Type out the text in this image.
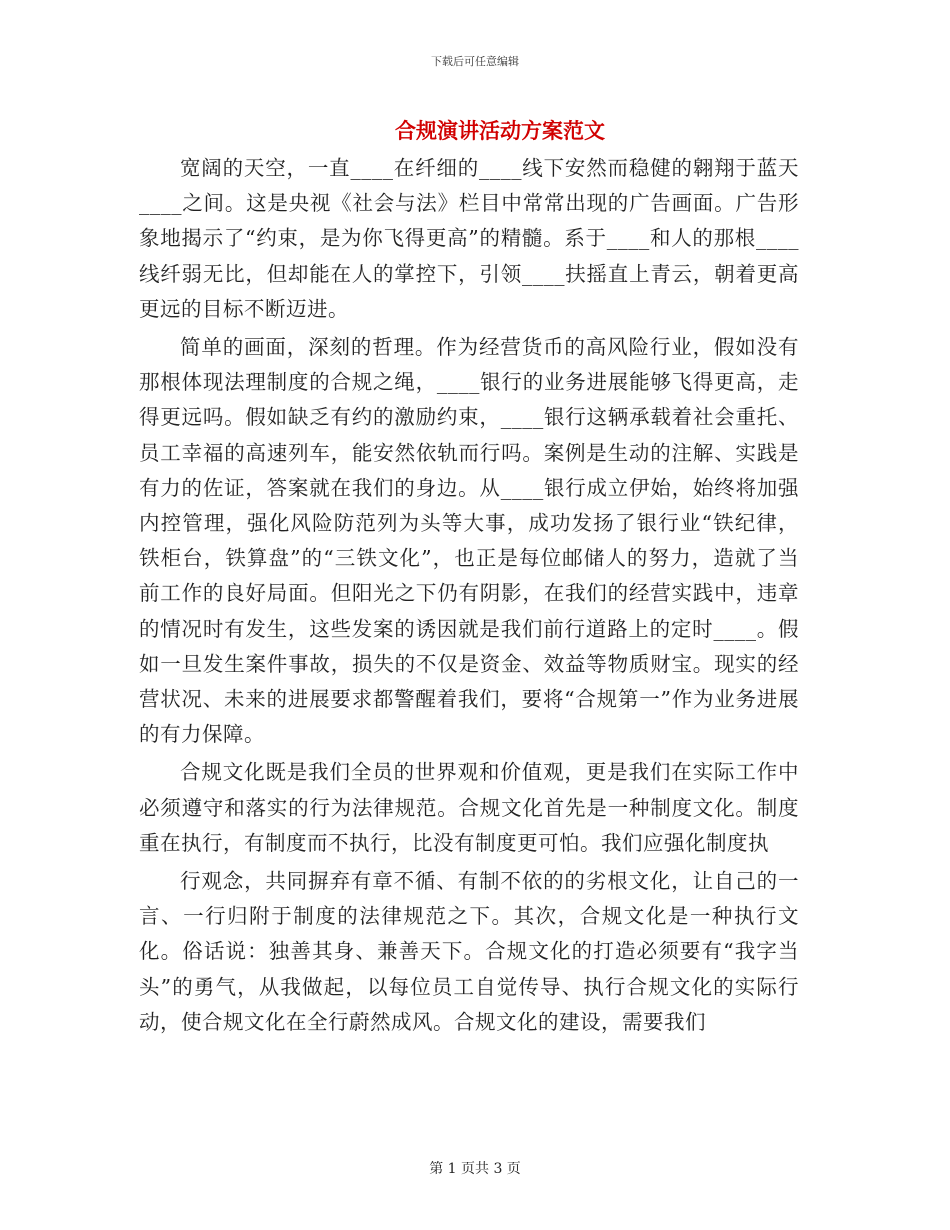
下载后可任意编辑
合规演讲活动方案范文

宽阔的天空，一直____在纤细的____线下安然而稳健的翱翔于蓝天____之间。这是央视《社会与法》栏目中常常出现的广告画面。广告形象地揭示了“约束，是为你飞得更高”的精髓。系于____和人的那根____线纤弱无比，但却能在人的掌控下，引领____扶摇直上青云，朝着更高更远的目标不断迈进。

简单的画面，深刻的哲理。作为经营货币的高风险行业，假如没有那根体现法理制度的合规之绳，____银行的业务进展能够飞得更高，走得更远吗。假如缺乏有约的激励约束，____银行这辆承载着社会重托、员工幸福的高速列车，能安然依轨而行吗。案例是生动的注解、实践是有力的佐证，答案就在我们的身边。从____银行成立伊始，始终将加强内控管理，强化风险防范列为头等大事，成功发扬了银行业“铁纪律，铁柜台，铁算盘”的“三铁文化”，也正是每位邮储人的努力，造就了当前工作的良好局面。但阳光之下仍有阴影，在我们的经营实践中，违章的情况时有发生，这些发案的诱因就是我们前行道路上的定时____。假如一旦发生案件事故，损失的不仅是资金、效益等物质财宝。现实的经营状况、未来的进展要求都警醒着我们，要将“合规第一”作为业务进展的有力保障。

合规文化既是我们全员的世界观和价值观，更是我们在实际工作中必须遵守和落实的行为法律规范。合规文化首先是一种制度文化。制度重在执行，有制度而不执行，比没有制度更可怕。我们应强化制度执

行观念，共同摒弃有章不循、有制不依的的劣根文化，让自己的一言、一行归附于制度的法律规范之下。其次，合规文化是一种执行文化。俗话说：独善其身、兼善天下。合规文化的打造必须要有“我字当头”的勇气，从我做起，以每位员工自觉传导、执行合规文化的实际行动，使合规文化在全行蔚然成风。合规文化的建设，需要我们

第 1 页共 3 页
